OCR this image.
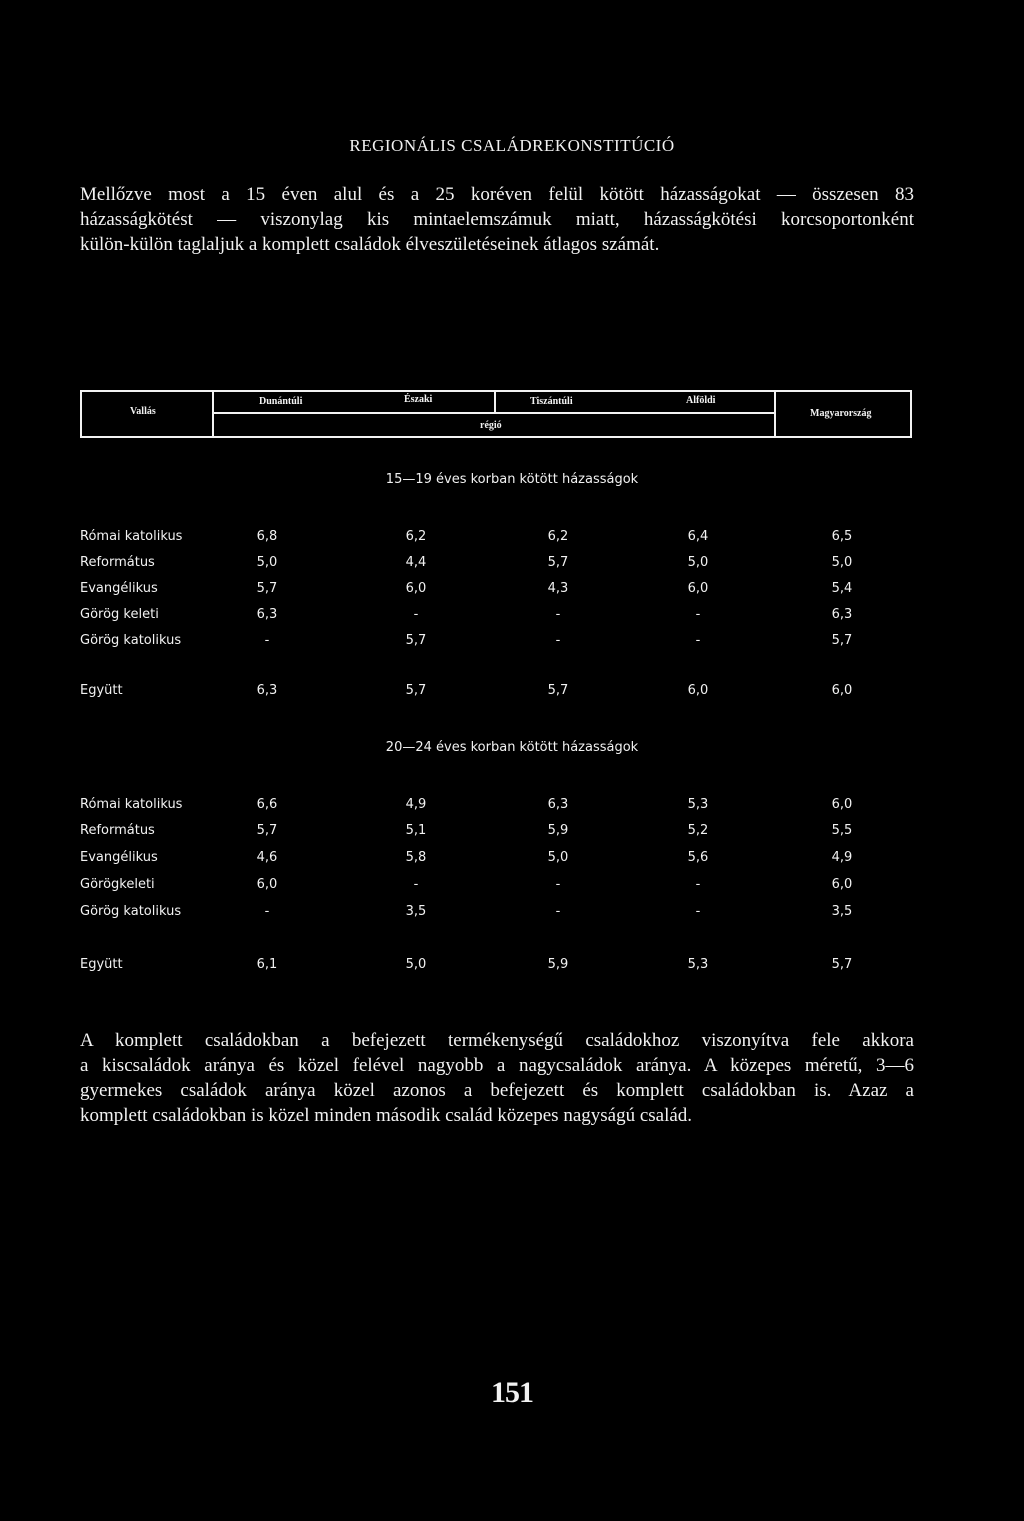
REGIONÁLIS CSALÁDREKONSTITÚCIÓ
Mellőzve most a 15 éven alul és a 25 koréven felül kötött házasságokat — összesen 83
házasságkötést — viszonylag kis mintaelemszámuk miatt, házasságkötési korcsoportonként
külön-külön taglaljuk a komplett családok élveszületéseinek átlagos számát.
Vallás
Dunántúli	Északi	Tiszántúli	Alföldi
régió
Magyarország
15—19 éves korban kötött házasságok
Római katolikus	6,8	6,2	6,2	6,4	6,5
Református	5,0	4,4	5,7	5,0	5,0
Evangélikus	5,7	6,0	4,3	6,0	5,4
Görög keleti	6,3	-	-	-	6,3
Görög katolikus	-	5,7	-	-	5,7
Együtt	6,3	5,7	5,7	6,0	6,0
20—24 éves korban kötött házasságok
Római katolikus	6,6	4,9	6,3	5,3	6,0
Református	5,7	5,1	5,9	5,2	5,5
Evangélikus	4,6	5,8	5,0	5,6	4,9
Görögkeleti	6,0	-	-	-	6,0
Görög katolikus	-	3,5	-	-	3,5
Együtt	6,1	5,0	5,9	5,3	5,7
A komplett családokban a befejezett termékenységű családokhoz viszonyítva fele akkora
a kiscsaládok aránya és közel felével nagyobb a nagycsaládok aránya. A közepes méretű, 3—6
gyermekes családok aránya közel azonos a befejezett és komplett családokban is. Azaz a
komplett családokban is közel minden második család közepes nagyságú család.
151
